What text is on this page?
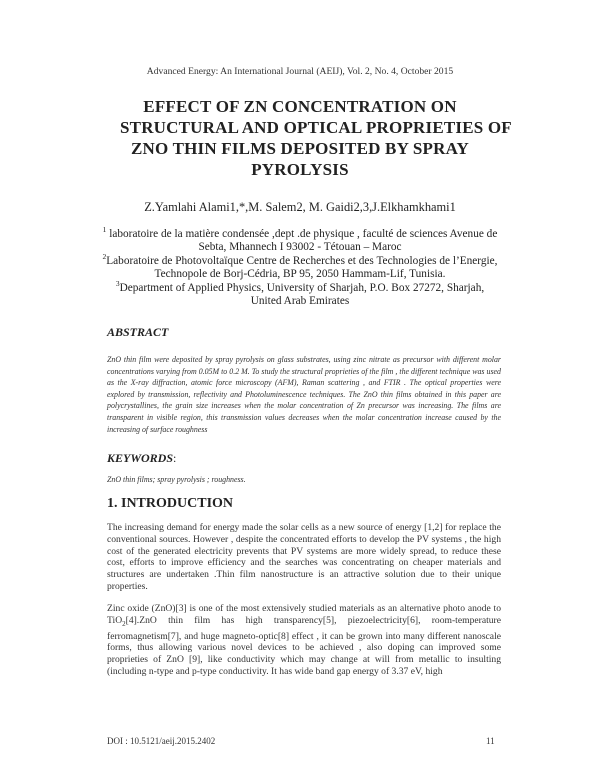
Advanced Energy: An International Journal (AEIJ), Vol. 2, No. 4, October 2015
EFFECT OF ZN CONCENTRATION ON
STRUCTURAL AND OPTICAL PROPRIETIES OF
ZNO THIN FILMS DEPOSITED BY SPRAY
PYROLYSIS
Z.Yamlahi Alami1,*,M. Salem2, M. Gaidi2,3,J.Elkhamkhami1
$^1$ laboratoire de la matière condensée ,dept .de physique , faculté de sciences Avenue de Sebta, Mhannech I 93002 - Tétouan – Maroc
$^2$Laboratoire de Photovoltaïque Centre de Recherches et des Technologies de l’Energie, Technopole de Borj-Cédria, BP 95, 2050 Hammam-Lif, Tunisia.
$^3$Department of Applied Physics, University of Sharjah, P.O. Box 27272, Sharjah, United Arab Emirates
ABSTRACT
ZnO thin film were deposited by spray pyrolysis on glass substrates, using zinc nitrate as precursor with different molar concentrations varying from 0.05M to 0.2 M. To study the structural proprieties of the film , the different technique was used as the X-ray diffraction, atomic force microscopy (AFM), Raman scattering , and FTIR . The optical properties were explored by transmission, reflectivity and Photoluminescence techniques. The ZnO thin films obtained in this paper are polycrystallines, the grain size increases when the molar concentration of Zn precursor was increasing. The films are transparent in visible region, this transmission values decreases when the molar concentration increase caused by the increasing of surface roughness
KEYWORDS:
ZnO thin films; spray pyrolysis ; roughness.
1. INTRODUCTION
The increasing demand for energy made the solar cells as a new source of energy [1,2] for replace the conventional sources. However , despite the concentrated efforts to develop the PV systems , the high cost of the generated electricity prevents that PV systems are more widely spread, to reduce these cost, efforts to improve efficiency and the searches was concentrating on cheaper materials and structures are undertaken .Thin film nanostructure is an attractive solution due to their unique properties.
Zinc oxide (ZnO)[3] is one of the most extensively studied materials as an alternative photo anode to TiO$_2$[4].ZnO thin film has high transparency[5], piezoelectricity[6], room-temperature ferromagnetism[7], and huge magneto-optic[8] effect , it can be grown into many different nanoscale forms, thus allowing various novel devices to be achieved , also doping can improved some proprieties of ZnO [9], like conductivity which may change at will from metallic to insulting (including n-type and p-type conductivity. It has wide band gap energy of 3.37 eV, high
DOI : 10.5121/aeij.2015.2402	11
